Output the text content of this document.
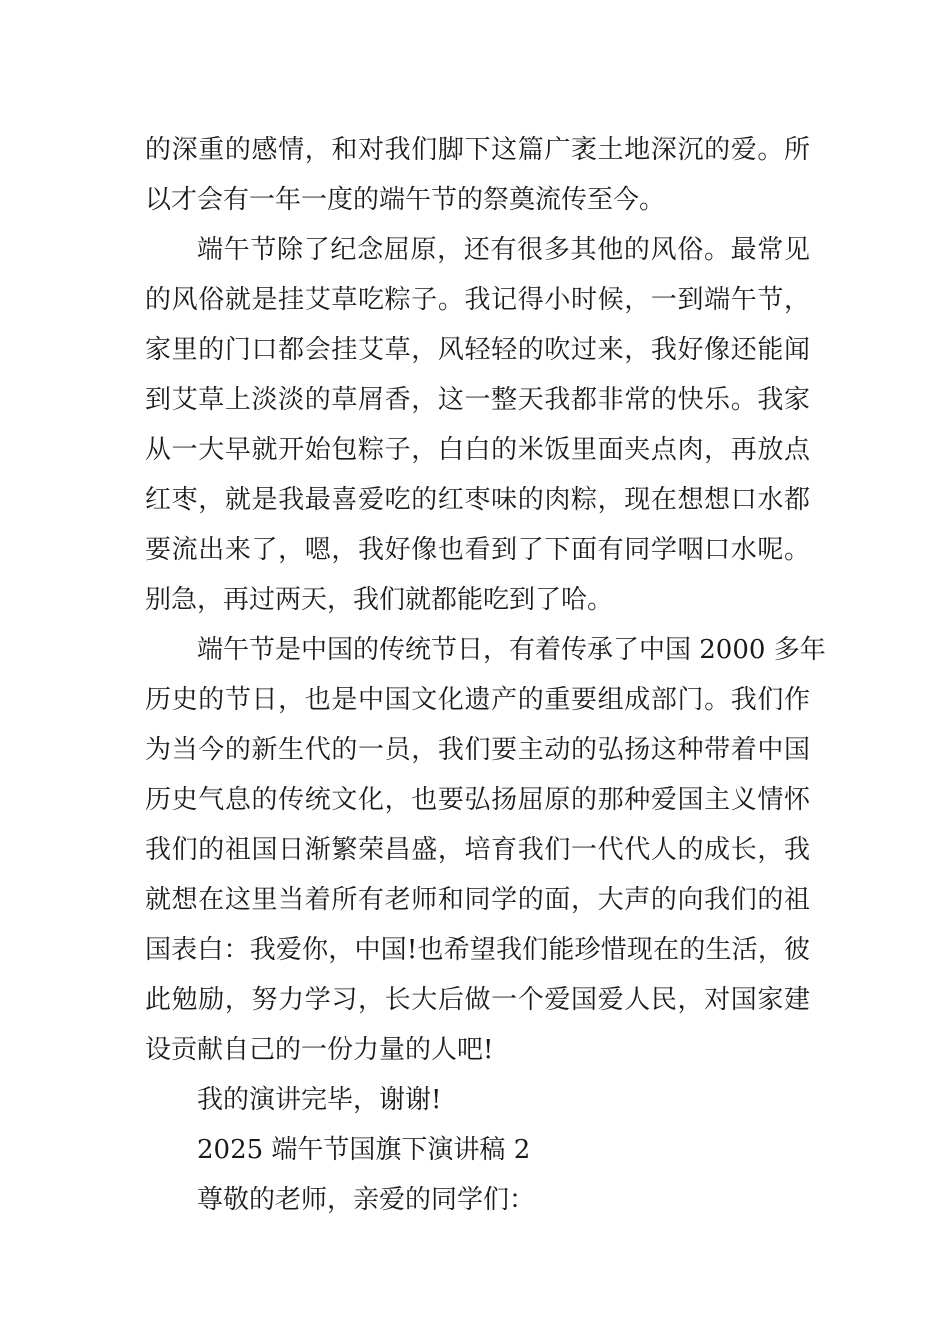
的深重的感情，和对我们脚下这篇广袤土地深沉的爱。所
以才会有一年一度的端午节的祭奠流传至今。
端午节除了纪念屈原，还有很多其他的风俗。最常见
的风俗就是挂艾草吃粽子。我记得小时候，一到端午节，
家里的门口都会挂艾草，风轻轻的吹过来，我好像还能闻
到艾草上淡淡的草屑香，这一整天我都非常的快乐。我家
从一大早就开始包粽子，白白的米饭里面夹点肉，再放点
红枣，就是我最喜爱吃的红枣味的肉粽，现在想想口水都
要流出来了，嗯，我好像也看到了下面有同学咽口水呢。
别急，再过两天，我们就都能吃到了哈。
端午节是中国的传统节日，有着传承了中国 2000 多年
历史的节日，也是中国文化遗产的重要组成部门。我们作
为当今的新生代的一员，我们要主动的弘扬这种带着中国
历史气息的传统文化，也要弘扬屈原的那种爱国主义情怀
我们的祖国日渐繁荣昌盛，培育我们一代代人的成长，我
就想在这里当着所有老师和同学的面，大声的向我们的祖
国表白：我爱你，中国!也希望我们能珍惜现在的生活，彼
此勉励，努力学习，长大后做一个爱国爱人民，对国家建
设贡献自己的一份力量的人吧!
我的演讲完毕，谢谢!
2025 端午节国旗下演讲稿 2
尊敬的老师，亲爱的同学们：
